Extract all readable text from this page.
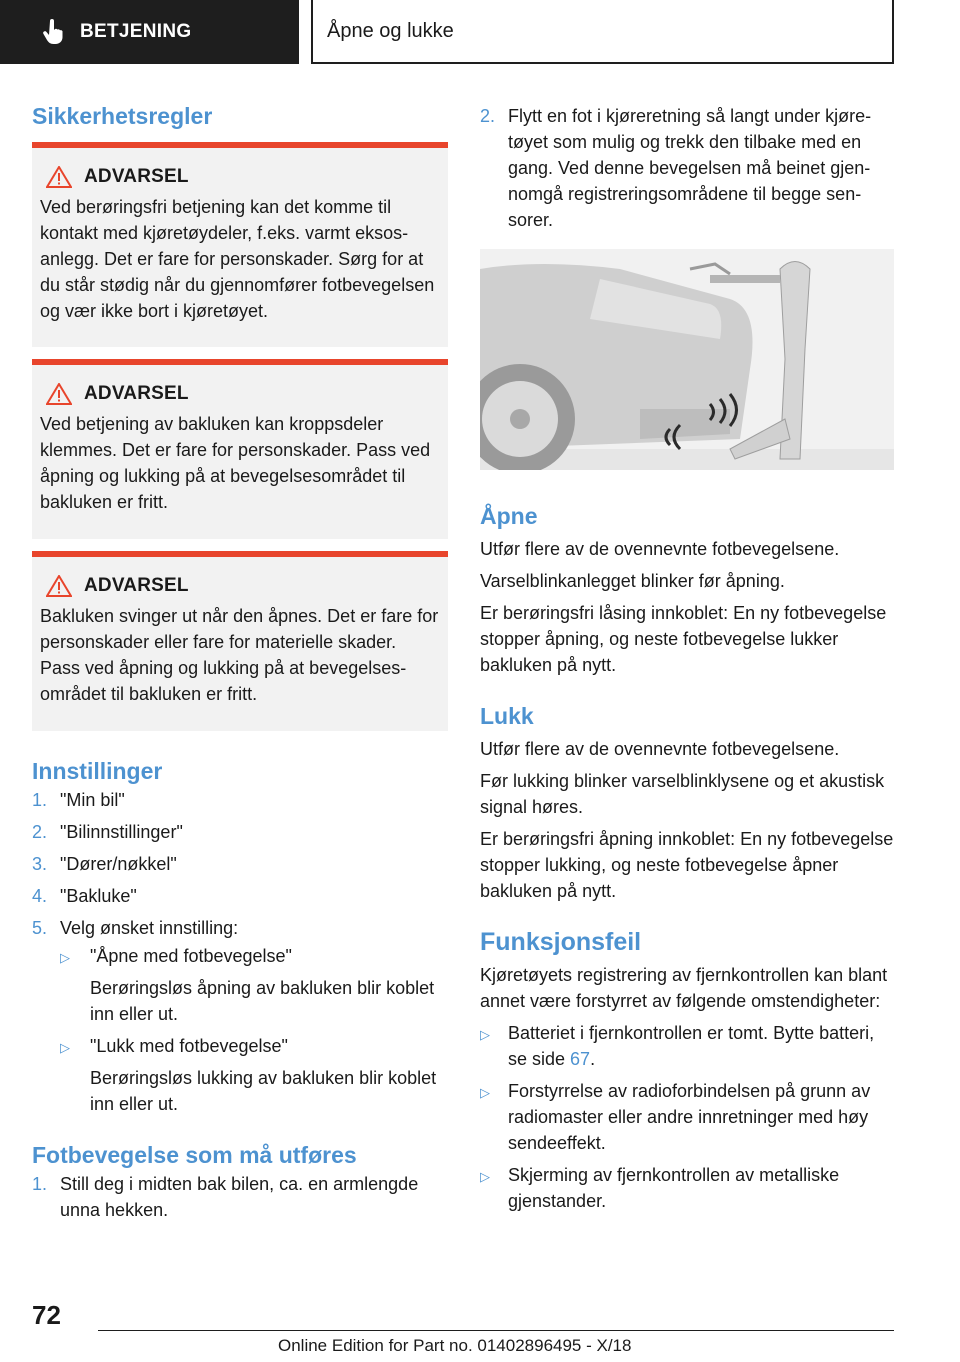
BETJENING	Åpne og lukke
Sikkerhetsregler
ADVARSEL
Ved berøringsfri betjening kan det komme til kontakt med kjøretøydeler, f.eks. varmt eksosanlegg. Det er fare for personskader. Sørg for at du står stødig når du gjennomfører fotbevegelsen og vær ikke bort i kjøretøyet.
ADVARSEL
Ved betjening av bakluken kan kroppsdeler klemmes. Det er fare for personskader. Pass ved åpning og lukking på at bevegelsesområdet til bakluken er fritt.
ADVARSEL
Bakluken svinger ut når den åpnes. Det er fare for personskader eller fare for materielle skader. Pass ved åpning og lukking på at bevegelsesområdet til bakluken er fritt.
Innstillinger
1. "Min bil"
2. "Bilinnstillinger"
3. "Dører/nøkkel"
4. "Bakluke"
5. Velg ønsket innstilling:
▷	"Åpne med fotbevegelse"
Berøringsløs åpning av bakluken blir koblet inn eller ut.
▷	"Lukk med fotbevegelse"
Berøringsløs lukking av bakluken blir koblet inn eller ut.
Fotbevegelse som må utføres
1. Still deg i midten bak bilen, ca. en armlengde unna hekken.
2. Flytt en fot i kjøreretning så langt under kjøretøyet som mulig og trekk den tilbake med en gang. Ved denne bevegelsen må beinet gjennomgå registreringsområdene til begge sensorer.
Åpne

Utfør flere av de ovennevnte fotbevegelsene.

Varselblinkanlegget blinker før åpning.

Er berøringsfri låsing innkoblet: En ny fotbevegelse stopper åpning, og neste fotbevegelse lukker bakluken på nytt.

Lukk

Utfør flere av de ovennevnte fotbevegelsene.

Før lukking blinker varselblinklysene og et akustisk signal høres.

Er berøringsfri åpning innkoblet: En ny fotbevegelse stopper lukking, og neste fotbevegelse åpner bakluken på nytt.

Funksjonsfeil

Kjøretøyets registrering av fjernkontrollen kan blant annet være forstyrret av følgende omstendigheter:

▷	Batteriet i fjernkontrollen er tomt. Bytte batteri, se side 67.
▷	Forstyrrelse av radioforbindelsen på grunn av radiomaster eller andre innretninger med høy sendeeffekt.
▷	Skjerming av fjernkontrollen av metalliske gjenstander.
72
Online Edition for Part no. 01402896495 - X/18
